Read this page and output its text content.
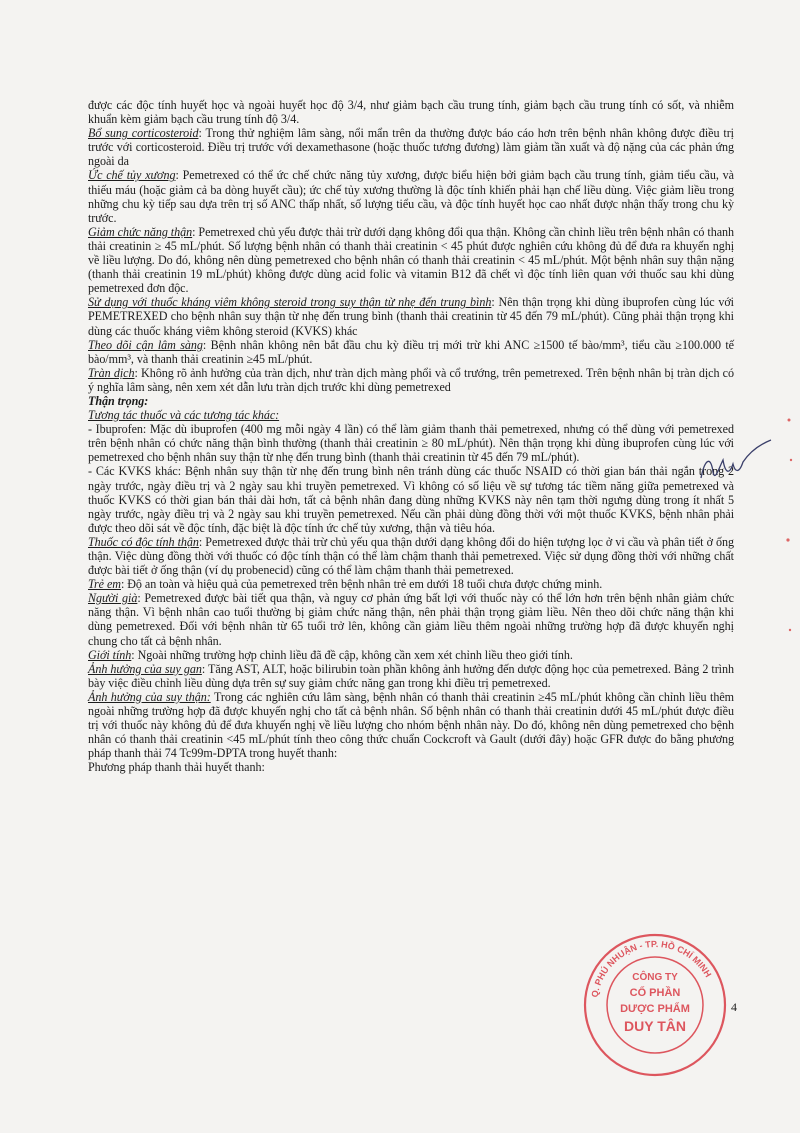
được các độc tính huyết học và ngoài huyết học độ 3/4, như giảm bạch cầu trung tính, giảm bạch cầu trung tính có sốt, và nhiễm khuẩn kèm giảm bạch cầu trung tính độ 3/4.

Bổ sung corticosteroid: Trong thử nghiệm lâm sàng, nổi mẩn trên da thường được báo cáo hơn trên bệnh nhân không được điều trị trước với corticosteroid. Điều trị trước với dexamethasone (hoặc thuốc tương đương) làm giảm tần xuất và độ nặng của các phản ứng ngoài da

Ức chế tủy xương: Pemetrexed có thể ức chế chức năng tủy xương, được biểu hiện bởi giảm bạch cầu trung tính, giảm tiểu cầu, và thiếu máu (hoặc giảm cả ba dòng huyết cầu); ức chế tủy xương thường là độc tính khiến phải hạn chế liều dùng. Việc giảm liều trong những chu kỳ tiếp sau dựa trên trị số ANC thấp nhất, số lượng tiểu cầu, và độc tính huyết học cao nhất được nhận thấy trong chu kỳ trước.

Giảm chức năng thận: Pemetrexed chủ yếu được thải trừ dưới dạng không đổi qua thận. Không cần chỉnh liều trên bệnh nhân có thanh thải creatinin ≥ 45 mL/phút. Số lượng bệnh nhân có thanh thải creatinin < 45 phút được nghiên cứu không đủ để đưa ra khuyến nghị về liều lượng. Do đó, không nên dùng pemetrexed cho bệnh nhân có thanh thải creatinin < 45 mL/phút. Một bệnh nhân suy thận nặng (thanh thải creatinin 19 mL/phút) không được dùng acid folic và vitamin B12 đã chết vì độc tính liên quan với thuốc sau khi dùng pemetrexed đơn độc.

Sử dụng với thuốc kháng viêm không steroid trong suy thận từ nhẹ đến trung bình: Nên thận trọng khi dùng ibuprofen cùng lúc với PEMETREXED cho bệnh nhân suy thận từ nhẹ đến trung bình (thanh thải creatinin từ 45 đến 79 mL/phút). Cũng phải thận trọng khi dùng các thuốc kháng viêm không steroid (KVKS) khác

Theo dõi cận lâm sàng: Bệnh nhân không nên bắt đầu chu kỳ điều trị mới trừ khi ANC ≥1500 tế bào/mm³, tiểu cầu ≥100.000 tế bào/mm³, và thanh thải creatinin ≥45 mL/phút.

Tràn dịch: Không rõ ảnh hưởng của tràn dịch, như tràn dịch màng phổi và cổ trướng, trên pemetrexed. Trên bệnh nhân bị tràn dịch có ý nghĩa lâm sàng, nên xem xét dẫn lưu tràn dịch trước khi dùng pemetrexed

Thận trọng:

Tương tác thuốc và các tương tác khác:

- Ibuprofen: Mặc dù ibuprofen (400 mg mỗi ngày 4 lần) có thể làm giảm thanh thải pemetrexed, nhưng có thể dùng với pemetrexed trên bệnh nhân có chức năng thận bình thường (thanh thải creatinin ≥ 80 mL/phút). Nên thận trọng khi dùng ibuprofen cùng lúc với pemetrexed cho bệnh nhân suy thận từ nhẹ đến trung bình (thanh thải creatinin từ 45 đến 79 mL/phút).

- Các KVKS khác: Bệnh nhân suy thận từ nhẹ đến trung bình nên tránh dùng các thuốc NSAID có thời gian bán thải ngắn trong 2 ngày trước, ngày điều trị và 2 ngày sau khi truyền pemetrexed. Vì không có số liệu về sự tương tác tiềm năng giữa pemetrexed và thuốc KVKS có thời gian bán thải dài hơn, tất cả bệnh nhân đang dùng những KVKS này nên tạm thời ngưng dùng trong ít nhất 5 ngày trước, ngày điều trị và 2 ngày sau khi truyền pemetrexed. Nếu cần phải dùng đồng thời với một thuốc KVKS, bệnh nhân phải được theo dõi sát về độc tính, đặc biệt là độc tính ức chế tủy xương, thận và tiêu hóa.

Thuốc có độc tính thận: Pemetrexed được thải trừ chủ yếu qua thận dưới dạng không đổi do hiện tượng lọc ở vi cầu và phân tiết ở ống thận. Việc dùng đồng thời với thuốc có độc tính thận có thể làm chậm thanh thải pemetrexed. Việc sử dụng đồng thời với những chất được bài tiết ở ống thận (ví dụ probenecid) cũng có thể làm chậm thanh thải pemetrexed.

Trẻ em: Độ an toàn và hiệu quả của pemetrexed trên bệnh nhân trẻ em dưới 18 tuổi chưa được chứng minh.

Người già: Pemetrexed được bài tiết qua thận, và nguy cơ phản ứng bất lợi với thuốc này có thể lớn hơn trên bệnh nhân giảm chức năng thận. Vì bệnh nhân cao tuổi thường bị giảm chức năng thận, nên phải thận trọng giảm liều. Nên theo dõi chức năng thận khi dùng pemetrexed. Đối với bệnh nhân từ 65 tuổi trở lên, không cần giảm liều thêm ngoài những trường hợp đã được khuyến nghị chung cho tất cả bệnh nhân.

Giới tính: Ngoài những trường hợp chỉnh liều đã đề cập, không cần xem xét chỉnh liều theo giới tính.

Ảnh hưởng của suy gan: Tăng AST, ALT, hoặc bilirubin toàn phần không ảnh hưởng đến dược động học của pemetrexed. Bảng 2 trình bày việc điều chỉnh liều dùng dựa trên sự suy giảm chức năng gan trong khi điều trị pemetrexed.

Ảnh hưởng của suy thận: Trong các nghiên cứu lâm sàng, bệnh nhân có thanh thải creatinin ≥45 mL/phút không cần chỉnh liều thêm ngoài những trường hợp đã được khuyến nghị cho tất cả bệnh nhân. Số bệnh nhân có thanh thải creatinin dưới 45 mL/phút được điều trị với thuốc này không đủ để đưa khuyến nghị về liều lượng cho nhóm bệnh nhân này. Do đó, không nên dùng pemetrexed cho bệnh nhân có thanh thải creatinin <45 mL/phút tính theo công thức chuẩn Cockcroft và Gault (dưới đây) hoặc GFR được đo bằng phương pháp thanh thải 74 Tc99m-DPTA trong huyết thanh:

Phương pháp thanh thải huyết thanh:

Q. PHÚ NHUẬN - TP. HỒ CHÍ MINH
CÔNG TY
CỔ PHẦN
DƯỢC PHẨM
DUY TÂN
4
